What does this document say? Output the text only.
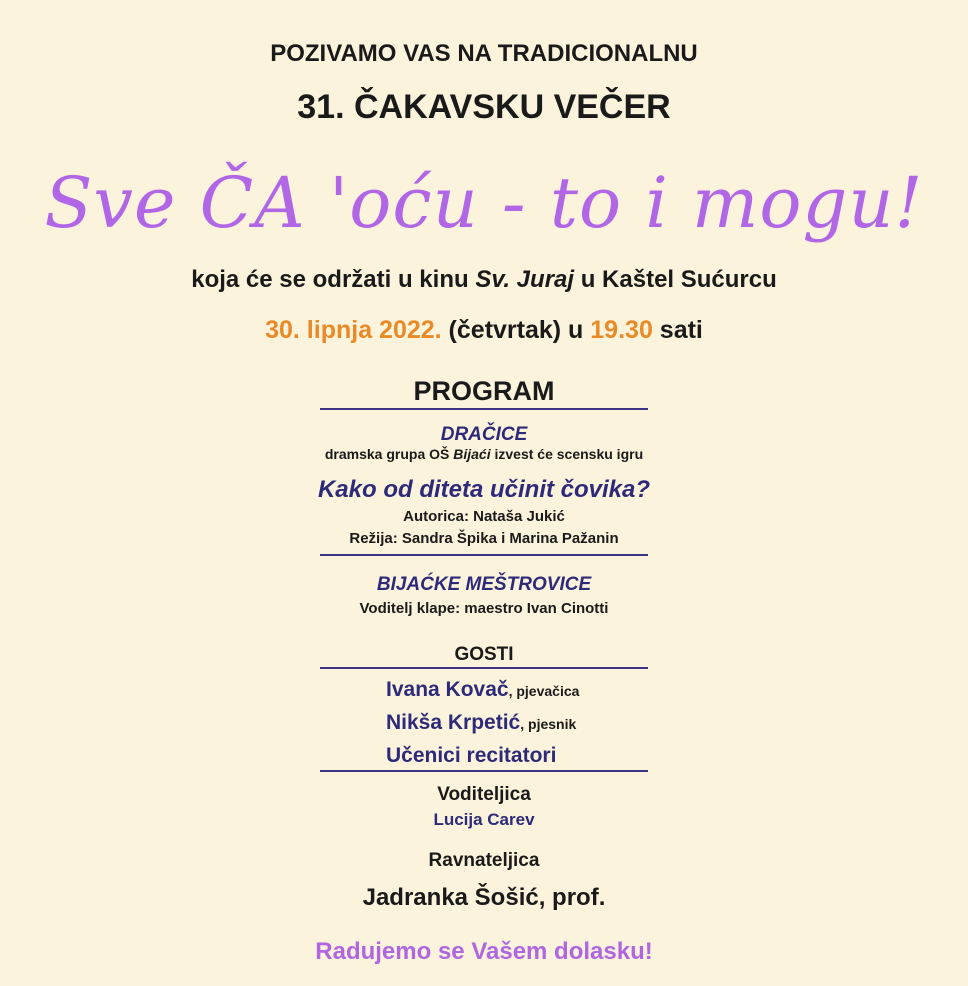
POZIVAMO VAS NA TRADICIONALNU
31. ČAKAVSKU VEČER
Sve ČA 'oću - to i mogu!
koja će se održati u kinu Sv. Juraj u Kaštel Sućurcu
30. lipnja 2022. (četvrtak) u 19.30 sati
PROGRAM
DRAČICE
dramska grupa OŠ Bijaći izvest će scensku igru
Kako od diteta učinit čovika?
Autorica: Nataša Jukić
Režija: Sandra Špika i Marina Pažanin
BIJAĆKE MEŠTROVICE
Voditelj klape: maestro Ivan Cinotti
GOSTI
Ivana Kovač, pjevačica
Nikša Krpetić, pjesnik
Učenici recitatori
Voditeljica
Lucija Carev
Ravnateljica
Jadranka Šošić, prof.
Radujemo se Vašem dolasku!
